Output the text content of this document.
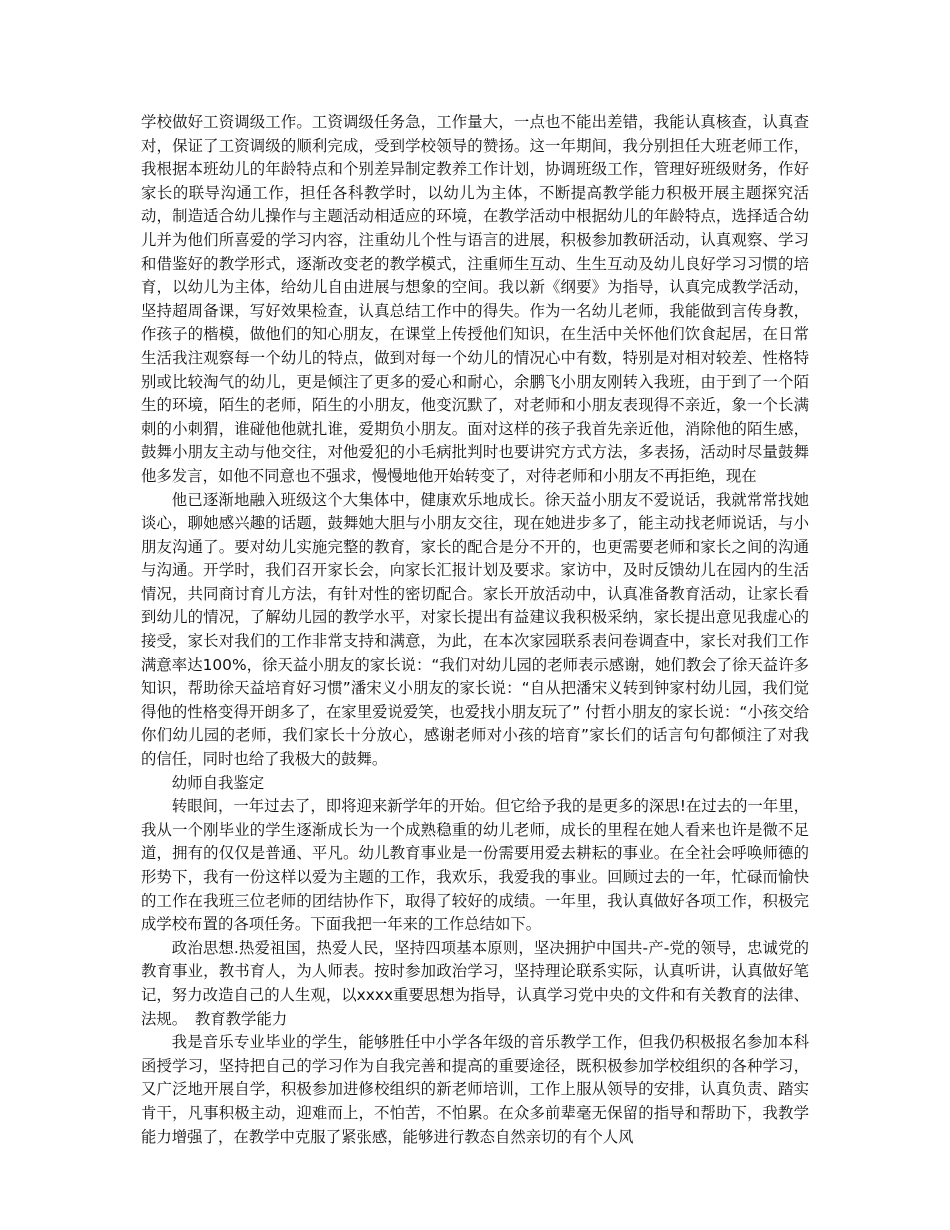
学校做好工资调级工作。工资调级任务急，工作量大，一点也不能出差错，我能认真核查，认真查对，保证了工资调级的顺利完成，受到学校领导的赞扬。这一年期间，我分别担任大班老师工作，我根据本班幼儿的年龄特点和个别差异制定教养工作计划，协调班级工作，管理好班级财务，作好家长的联导沟通工作，担任各科教学时，以幼儿为主体，不断提高教学能力积极开展主题探究活动，制造适合幼儿操作与主题活动相适应的环境，在教学活动中根据幼儿的年龄特点，选择适合幼儿并为他们所喜爱的学习内容，注重幼儿个性与语言的进展，积极参加教研活动，认真观察、学习和借鉴好的教学形式，逐渐改变老的教学模式，注重师生互动、生生互动及幼儿良好学习习惯的培育，以幼儿为主体，给幼儿自由进展与想象的空间。我以新《纲要》为指导，认真完成教学活动，坚持超周备课，写好效果检查，认真总结工作中的得失。作为一名幼儿老师，我能做到言传身教，作孩子的楷模，做他们的知心朋友，在课堂上传授他们知识，在生活中关怀他们饮食起居，在日常生活我注观察每一个幼儿的特点，做到对每一个幼儿的情况心中有数，特别是对相对较差、性格特别或比较淘气的幼儿，更是倾注了更多的爱心和耐心，余鹏飞小朋友刚转入我班，由于到了一个陌生的环境，陌生的老师，陌生的小朋友，他变沉默了，对老师和小朋友表现得不亲近，象一个长满刺的小刺猬，谁碰他他就扎谁，爱期负小朋友。面对这样的孩子我首先亲近他，消除他的陌生感，鼓舞小朋友主动与他交往，对他爱犯的小毛病批判时也要讲究方式方法，多表扬，活动时尽量鼓舞他多发言，如他不同意也不强求，慢慢地他开始转变了，对待老师和小朋友不再拒绝，现在

他已逐渐地融入班级这个大集体中，健康欢乐地成长。徐天益小朋友不爱说话，我就常常找她谈心，聊她感兴趣的话题，鼓舞她大胆与小朋友交往，现在她进步多了，能主动找老师说话，与小朋友沟通了。要对幼儿实施完整的教育，家长的配合是分不开的，也更需要老师和家长之间的沟通与沟通。开学时，我们召开家长会，向家长汇报计划及要求。家访中，及时反馈幼儿在园内的生活情况，共同商讨育儿方法，有针对性的密切配合。家长开放活动中，认真准备教育活动，让家长看到幼儿的情况，了解幼儿园的教学水平，对家长提出有益建议我积极采纳，家长提出意见我虚心的接受，家长对我们的工作非常支持和满意，为此，在本次家园联系表问卷调查中，家长对我们工作满意率达100%，徐天益小朋友的家长说：“我们对幼儿园的老师表示感谢，她们教会了徐天益许多知识，帮助徐天益培育好习惯”潘宋义小朋友的家长说：“自从把潘宋义转到钟家村幼儿园，我们觉得他的性格变得开朗多了，在家里爱说爱笑，也爱找小朋友玩了” 付哲小朋友的家长说：“小孩交给你们幼儿园的老师，我们家长十分放心，感谢老师对小孩的培育”家长们的话言句句都倾注了对我的信任，同时也给了我极大的鼓舞。

幼师自我鉴定

转眼间，一年过去了，即将迎来新学年的开始。但它给予我的是更多的深思!在过去的一年里，我从一个刚毕业的学生逐渐成长为一个成熟稳重的幼儿老师，成长的里程在她人看来也许是微不足道，拥有的仅仅是普通、平凡。幼儿教育事业是一份需要用爱去耕耘的事业。在全社会呼唤师德的形势下，我有一份这样以爱为主题的工作，我欢乐，我爱我的事业。回顾过去的一年，忙碌而愉快的工作在我班三位老师的团结协作下，取得了较好的成绩。一年里，我认真做好各项工作，积极完成学校布置的各项任务。下面我把一年来的工作总结如下。

政治思想.热爱祖国，热爱人民，坚持四项基本原则，坚决拥护中国共-产-党的领导，忠诚党的教育事业，教书育人，为人师表。按时参加政治学习，坚持理论联系实际，认真听讲，认真做好笔记，努力改造自己的人生观，以xxxx重要思想为指导，认真学习党中央的文件和有关教育的法律、法规。　教育教学能力

我是音乐专业毕业的学生，能够胜任中小学各年级的音乐教学工作，但我仍积极报名参加本科函授学习，坚持把自己的学习作为自我完善和提高的重要途径，既积极参加学校组织的各种学习，又广泛地开展自学，积极参加进修校组织的新老师培训，工作上服从领导的安排，认真负责、踏实肯干，凡事积极主动，迎难而上，不怕苦，不怕累。在众多前辈毫无保留的指导和帮助下，我教学能力增强了，在教学中克服了紧张感，能够进行教态自然亲切的有个人风
